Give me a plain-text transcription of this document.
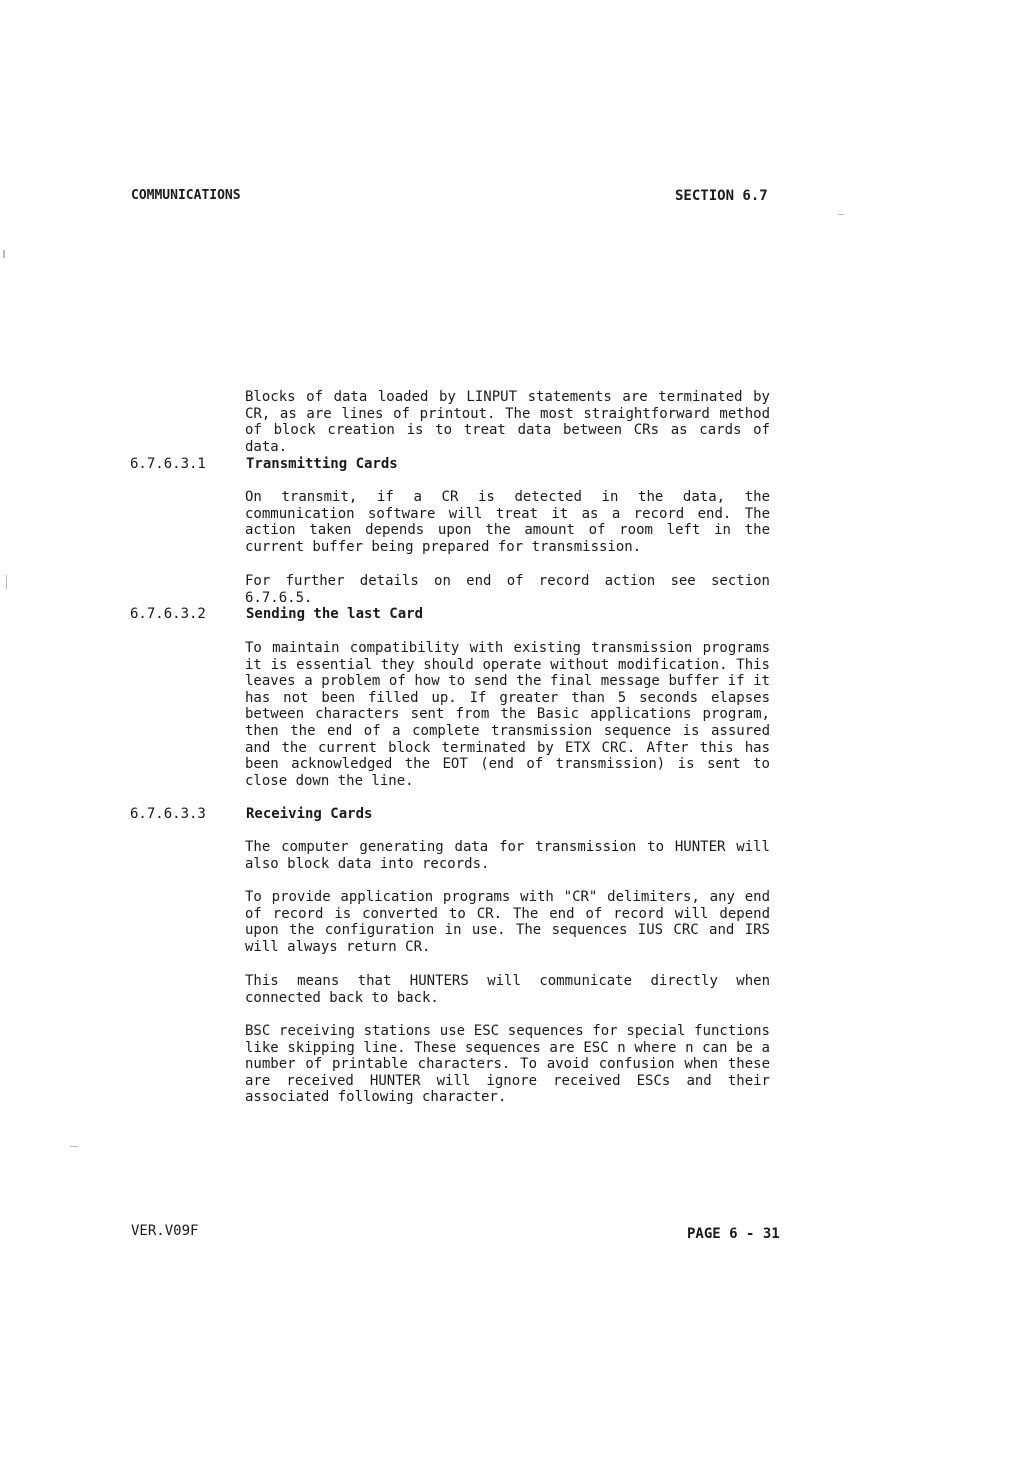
COMMUNICATIONS	SECTION 6.7
Blocks of data loaded by LINPUT statements are terminated by CR, as are lines of printout. The most straightforward method of block creation is to treat data between CRs as cards of data.
6.7.6.3.1	Transmitting Cards
On transmit, if a CR is detected in the data, the communication software will treat it as a record end. The action taken depends upon the amount of room left in the current buffer being prepared for transmission.
For further details on end of record action see section 6.7.6.5.
6.7.6.3.2	Sending the last Card
To maintain compatibility with existing transmission programs it is essential they should operate without modification. This leaves a problem of how to send the final message buffer if it has not been filled up. If greater than 5 seconds elapses between characters sent from the Basic applications program, then the end of a complete transmission sequence is assured and the current block terminated by ETX CRC. After this has been acknowledged the EOT (end of transmission) is sent to close down the line.
6.7.6.3.3	Receiving Cards
The computer generating data for transmission to HUNTER will also block data into records.
To provide application programs with "CR" delimiters, any end of record is converted to CR. The end of record will depend upon the configuration in use. The sequences IUS CRC and IRS will always return CR.
This means that HUNTERS will communicate directly when connected back to back.
BSC receiving stations use ESC sequences for special functions like skipping line. These sequences are ESC n where n can be a number of printable characters. To avoid confusion when these are received HUNTER will ignore received ESCs and their associated following character.
VER.V09F	PAGE 6 - 31
